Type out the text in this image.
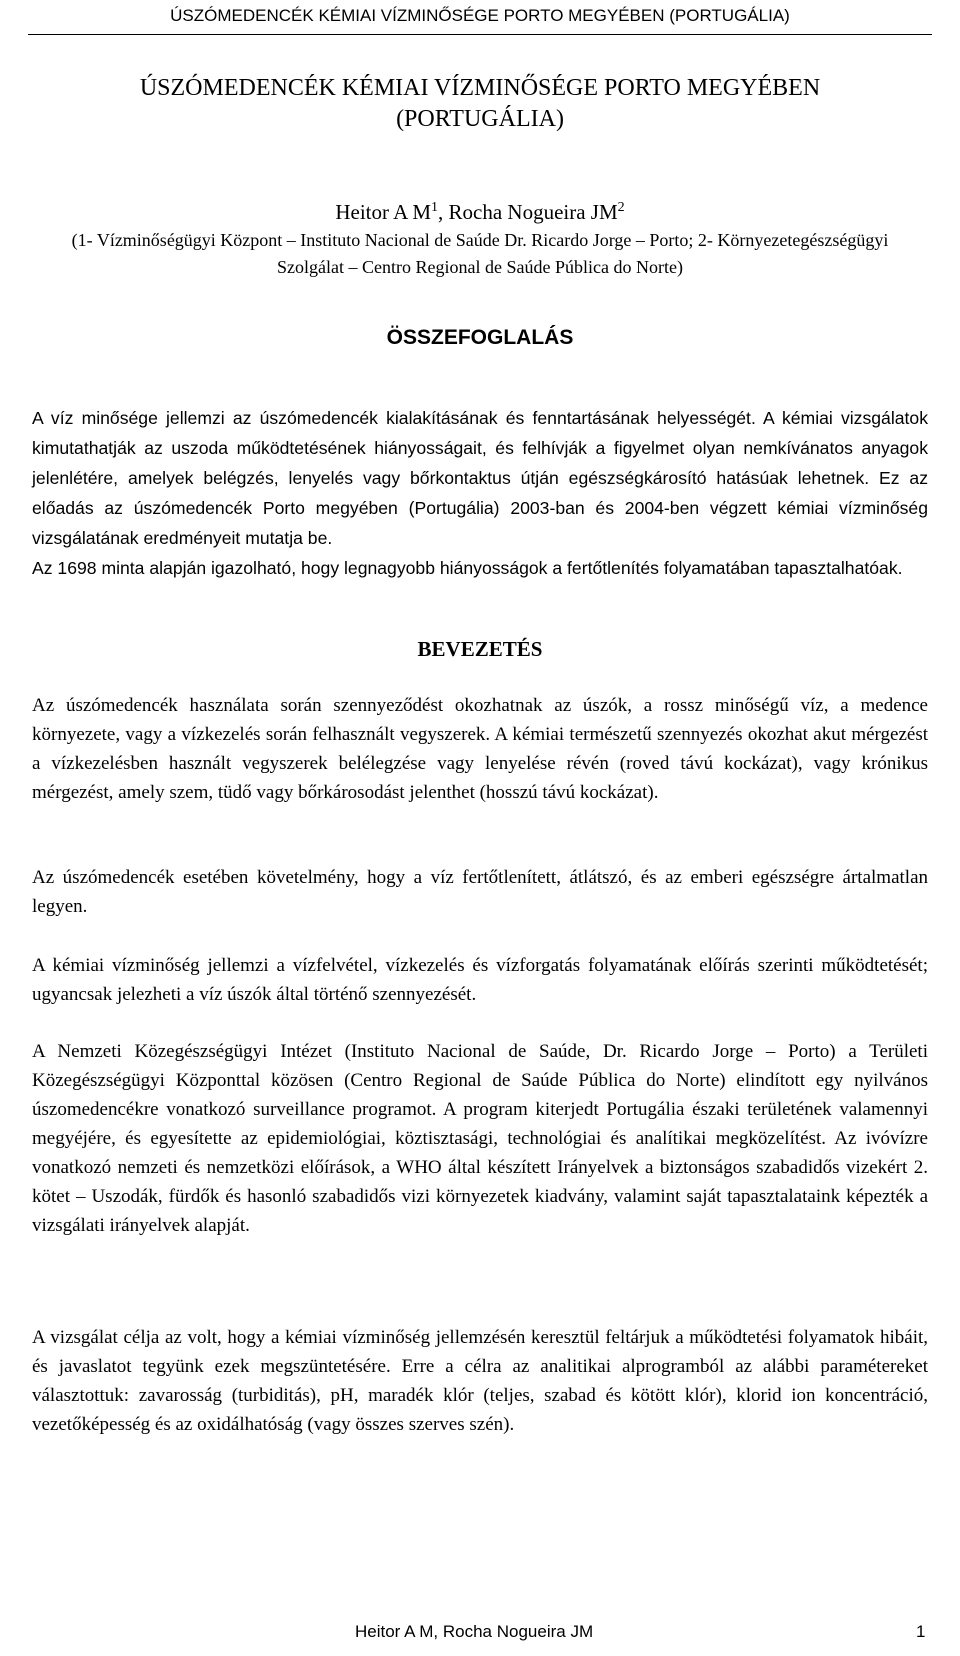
ÚSZÓMEDENCÉK KÉMIAI VÍZMINŐSÉGE PORTO MEGYÉBEN (PORTUGÁLIA)
ÚSZÓMEDENCÉK KÉMIAI VÍZMINŐSÉGE PORTO MEGYÉBEN
(PORTUGÁLIA)
Heitor A $M^1$, Rocha Nogueira $JM^2$
(1- Vízminőségügyi Központ – Instituto Nacional de Saúde Dr. Ricardo Jorge – Porto; 2- Környezetegészségügyi Szolgálat – Centro Regional de Saúde Pública do Norte)
ÖSSZEFOGLALÁS

A víz minősége jellemzi az úszómedencék kialakításának és fenntartásának helyességét. A kémiai vizsgálatok kimutathatják az uszoda működtetésének hiányosságait, és felhívják a figyelmet olyan nemkívánatos anyagok jelenlétére, amelyek belégzés, lenyelés vagy bőrkontaktus útján egészségkárosító hatásúak lehetnek. Ez az előadás az úszómedencék Porto megyében (Portugália) 2003-ban és 2004-ben végzett kémiai vízminőség vizsgálatának eredményeit mutatja be.

Az 1698 minta alapján igazolható, hogy legnagyobb hiányosságok a fertőtlenítés folyamatában tapasztalhatóak.

BEVEZETÉS
Az úszómedencék használata során szennyeződést okozhatnak az úszók, a rossz minőségű víz, a medence környezete, vagy a vízkezelés során felhasznált vegyszerek. A kémiai természetű szennyezés okozhat akut mérgezést a vízkezelésben használt vegyszerek belélegzése vagy lenyelése révén (roved távú kockázat), vagy krónikus mérgezést, amely szem, tüdő vagy bőrkárosodást jelenthet (hosszú távú kockázat).
Az úszómedencék esetében követelmény, hogy a víz fertőtlenített, átlátszó, és az emberi egészségre ártalmatlan legyen.
A kémiai vízminőség jellemzi a vízfelvétel, vízkezelés és vízforgatás folyamatának előírás szerinti működtetését; ugyancsak jelezheti a víz úszók által történő szennyezését.
A Nemzeti Közegészségügyi Intézet (Instituto Nacional de Saúde, Dr. Ricardo Jorge – Porto) a Területi Közegészségügyi Központtal közösen (Centro Regional de Saúde Pública do Norte) elindított egy nyilvános úszomedencékre vonatkozó surveillance programot. A program kiterjedt Portugália északi területének valamennyi megyéjére, és egyesítette az epidemiológiai, köztisztasági, technológiai és analítikai megközelítést. Az ivóvízre vonatkozó nemzeti és nemzetközi előírások, a WHO által készített Irányelvek a biztonságos szabadidős vizekért 2. kötet – Uszodák, fürdők és hasonló szabadidős vizi környezetek kiadvány, valamint saját tapasztalataink képezték a vizsgálati irányelvek alapját.
A vizsgálat célja az volt, hogy a kémiai vízminőség jellemzésén keresztül feltárjuk a működtetési folyamatok hibáit, és javaslatot tegyünk ezek megszüntetésére. Erre a célra az analitikai alprogramból az alábbi paramétereket választottuk: zavarosság (turbiditás), pH, maradék klór (teljes, szabad és kötött klór), klorid ion koncentráció, vezetőképesség és az oxidálhatóság (vagy összes szerves szén).
Heitor A M, Rocha Nogueira JM	1
